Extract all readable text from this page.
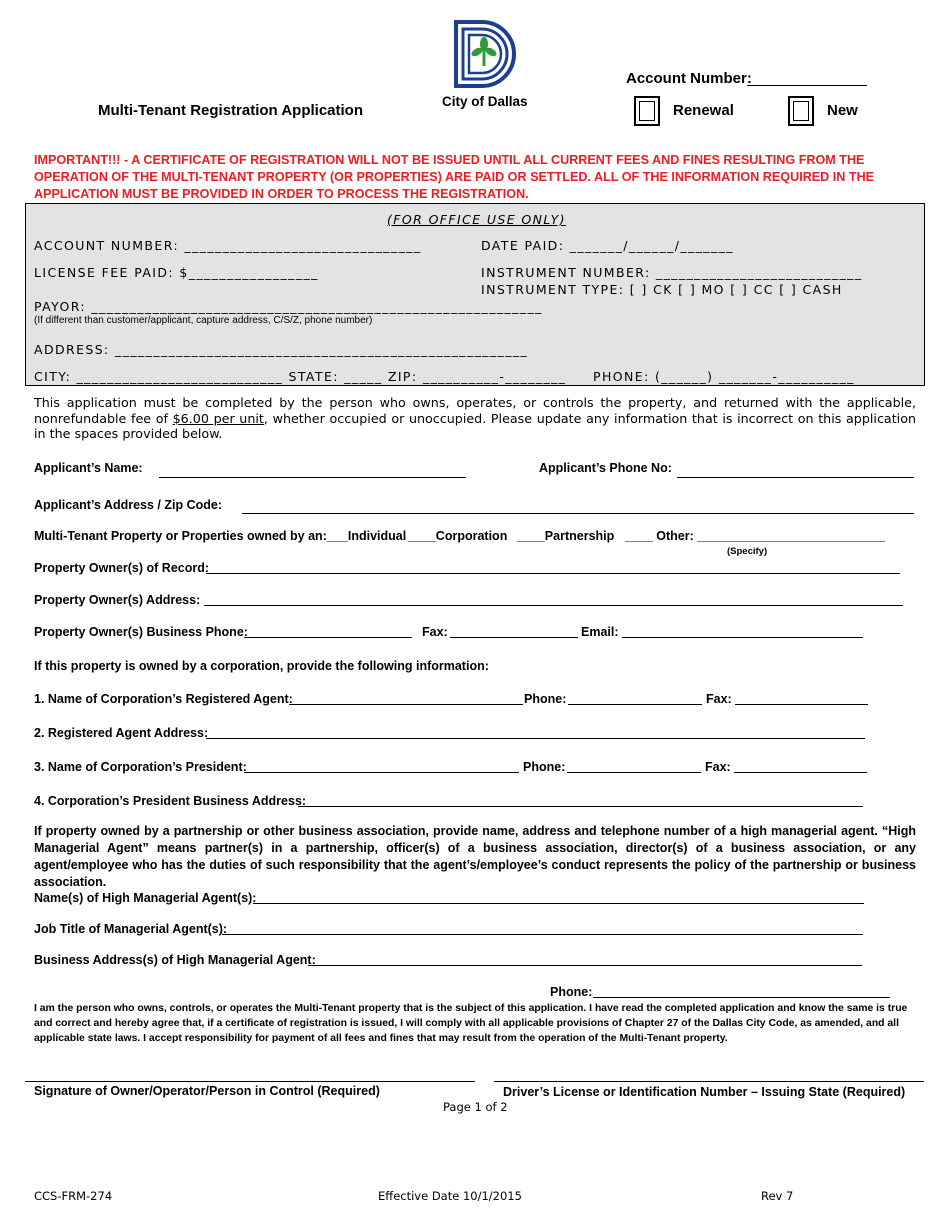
Multi-Tenant Registration Application
City of Dallas
Account Number:
Renewal	New
IMPORTANT!!! - A CERTIFICATE OF REGISTRATION WILL NOT BE ISSUED UNTIL ALL CURRENT FEES AND FINES RESULTING FROM THE OPERATION OF THE MULTI-TENANT PROPERTY (OR PROPERTIES) ARE PAID OR SETTLED. ALL OF THE INFORMATION REQUIRED IN THE APPLICATION MUST BE PROVIDED IN ORDER TO PROCESS THE REGISTRATION.
(FOR OFFICE USE ONLY)
ACCOUNT NUMBER: _______________________________	DATE PAID: _______/______/_______
LICENSE FEE PAID: $_________________	INSTRUMENT NUMBER: ___________________________
INSTRUMENT TYPE: [ ] CK [ ] MO [ ] CC [ ] CASH
PAYOR: ___________________________________________________________
(If different than customer/applicant, capture address, C/S/Z, phone number)
ADDRESS: ______________________________________________________
CITY: ___________________________ STATE: _____ ZIP: __________-________ PHONE: (______) _______-__________
This application must be completed by the person who owns, operates, or controls the property, and returned with the applicable, nonrefundable fee of $6.00 per unit, whether occupied or unoccupied. Please update any information that is incorrect on this application in the spaces provided below.
Applicant’s Name:	Applicant’s Phone No:
Applicant’s Address / Zip Code:
Multi-Tenant Property or Properties owned by an: ___Individual ____Corporation ____Partnership ____ Other: ___________________________
(Specify)
Property Owner(s) of Record:
Property Owner(s) Address:
Property Owner(s) Business Phone:	Fax:	Email:
If this property is owned by a corporation, provide the following information:
1. Name of Corporation’s Registered Agent:	Phone:	Fax:
2. Registered Agent Address:
3. Name of Corporation’s President:	Phone:	Fax:
4. Corporation’s President Business Address:
If property owned by a partnership or other business association, provide name, address and telephone number of a high managerial agent. “High Managerial Agent” means partner(s) in a partnership, officer(s) of a business association, director(s) of a business association, or any agent/employee who has the duties of such responsibility that the agent’s/employee’s conduct represents the policy of the partnership or business association.
Name(s) of High Managerial Agent(s):
Job Title of Managerial Agent(s):
Business Address(s) of High Managerial Agent:
Phone:
I am the person who owns, controls, or operates the Multi-Tenant property that is the subject of this application. I have read the completed application and know the same is true and correct and hereby agree that, if a certificate of registration is issued, I will comply with all applicable provisions of Chapter 27 of the Dallas City Code, as amended, and all applicable state laws. I accept responsibility for payment of all fees and fines that may result from the operation of the Multi-Tenant property.
Signature of Owner/Operator/Person in Control (Required)	Driver’s License or Identification Number – Issuing State (Required)
Page 1 of 2
CCS-FRM-274	Effective Date 10/1/2015	Rev 7
